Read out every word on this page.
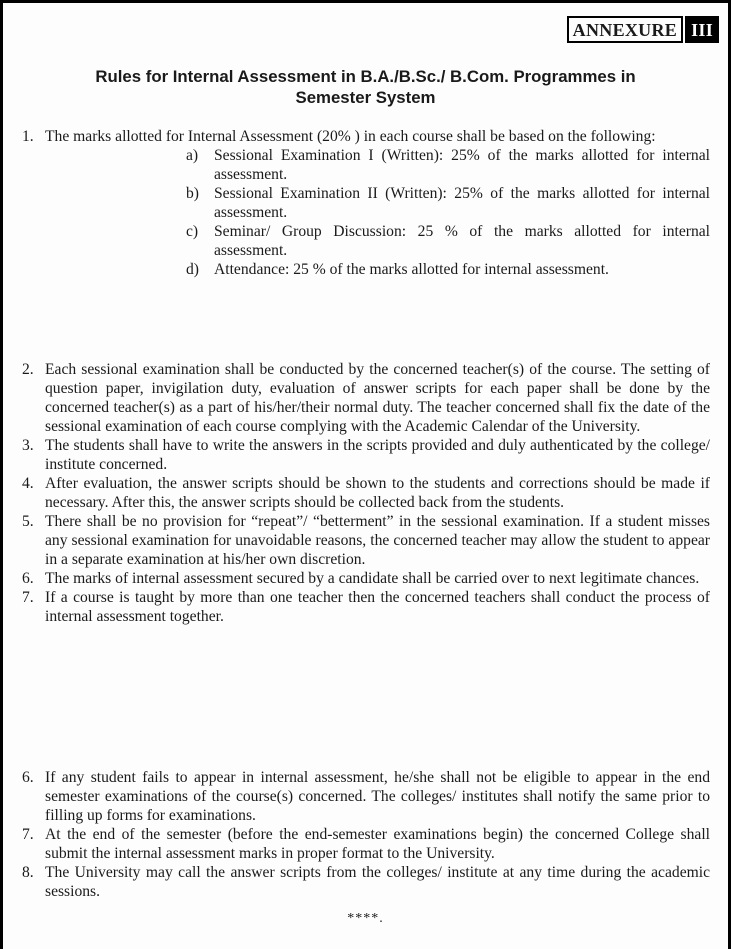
ANNEXURE III
Rules for Internal Assessment in B.A./B.Sc./ B.Com. Programmes in
Semester System
1. The marks allotted for Internal Assessment (20% ) in each course shall be based on the following:
a) Sessional Examination I (Written): 25% of the marks allotted for internal assessment.
b) Sessional Examination II (Written): 25% of the marks allotted for internal assessment.
c) Seminar/ Group Discussion: 25 % of the marks allotted for internal assessment.
d) Attendance: 25 % of the marks allotted for internal assessment.
2. Each sessional examination shall be conducted by the concerned teacher(s) of the course. The setting of question paper, invigilation duty, evaluation of answer scripts for each paper shall be done by the concerned teacher(s) as a part of his/her/their normal duty. The teacher concerned shall fix the date of the sessional examination of each course complying with the Academic Calendar of the University.
3. The students shall have to write the answers in the scripts provided and duly authenticated by the college/ institute concerned.
4. After evaluation, the answer scripts should be shown to the students and corrections should be made if necessary. After this, the answer scripts should be collected back from the students.
5. There shall be no provision for “repeat”/ “betterment” in the sessional examination. If a student misses any sessional examination for unavoidable reasons, the concerned teacher may allow the student to appear in a separate examination at his/her own discretion.
6. The marks of internal assessment secured by a candidate shall be carried over to next legitimate chances.
7. If a course is taught by more than one teacher then the concerned teachers shall conduct the process of internal assessment together.
6. If any student fails to appear in internal assessment, he/she shall not be eligible to appear in the end semester examinations of the course(s) concerned. The colleges/ institutes shall notify the same prior to filling up forms for examinations.
7. At the end of the semester (before the end-semester examinations begin) the concerned College shall submit the internal assessment marks in proper format to the University.
8. The University may call the answer scripts from the colleges/ institute at any time during the academic sessions.
****.
